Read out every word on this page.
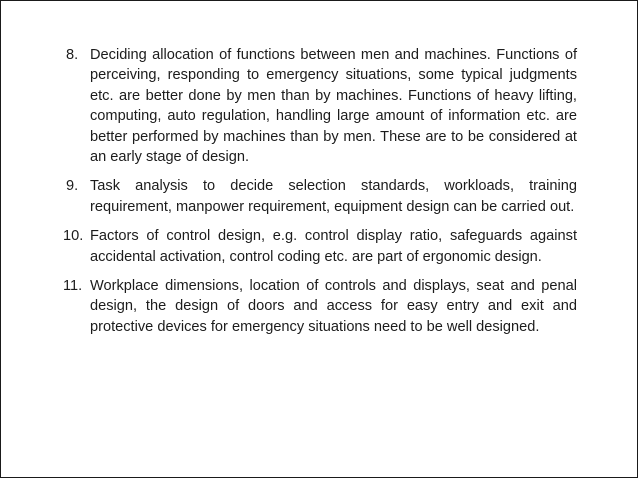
8. Deciding allocation of functions between men and machines. Functions of perceiving, responding to emergency situations, some typical judgments etc. are better done by men than by machines. Functions of heavy lifting, computing, auto regulation, handling large amount of information etc. are better performed by machines than by men. These are to be considered at an early stage of design.
9. Task analysis to decide selection standards, workloads, training requirement, manpower requirement, equipment design can be carried out.
10. Factors of control design, e.g. control display ratio, safeguards against accidental activation, control coding etc. are part of ergonomic design.
11. Workplace dimensions, location of controls and displays, seat and penal design, the design of doors and access for easy entry and exit and protective devices for emergency situations need to be well designed.
